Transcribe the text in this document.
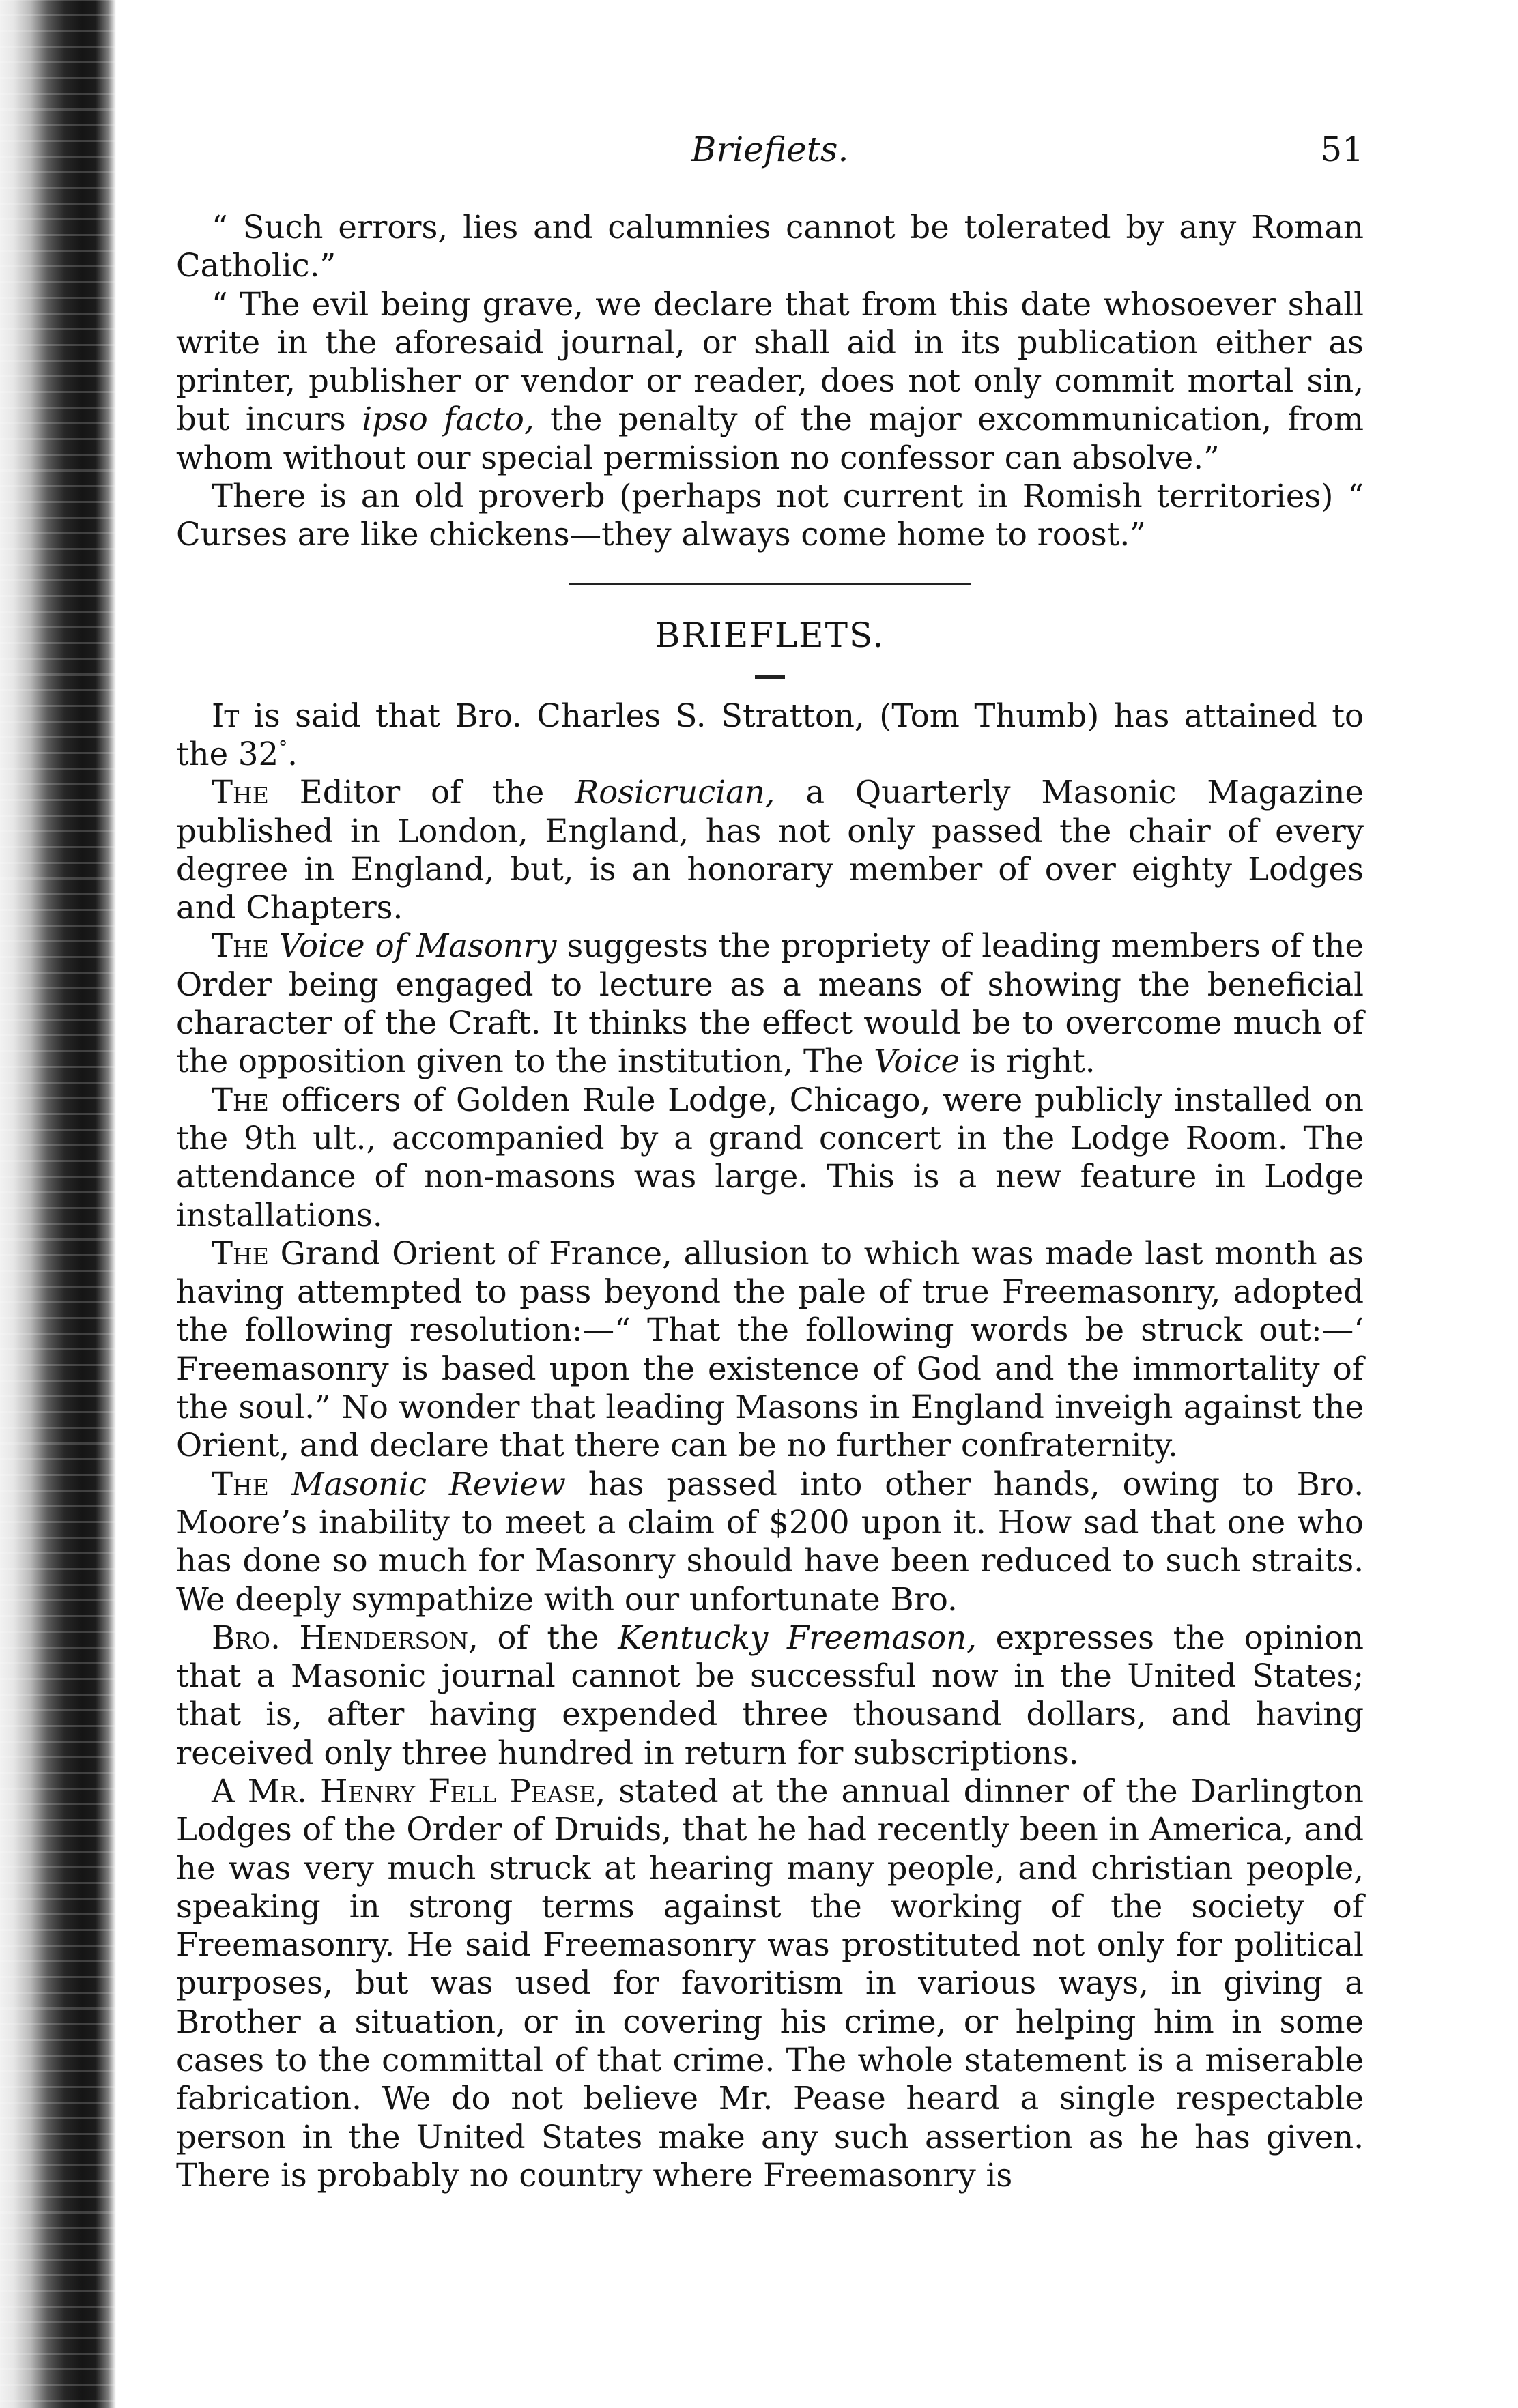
Briefiets.	51

“ Such errors, lies and calumnies cannot be tolerated by any Roman Catholic.”

“ The evil being grave, we declare that from this date whosoever shall write in the aforesaid journal, or shall aid in its publication either as printer, publisher or vendor or reader, does not only commit mortal sin, but incurs ipso facto, the penalty of the major excommunication, from whom without our special permission no confessor can absolve.”

There is an old proverb (perhaps not current in Romish territories) “ Curses are like chickens—they always come home to roost.”

BRIEFLETS.

It is said that Bro. Charles S. Stratton, (Tom Thumb) has attained to the 32°.

The Editor of the Rosicrucian, a Quarterly Masonic Magazine published in London, England, has not only passed the chair of every degree in England, but, is an honorary member of over eighty Lodges and Chapters.

The Voice of Masonry suggests the propriety of leading members of the Order being engaged to lecture as a means of showing the beneficial character of the Craft. It thinks the effect would be to overcome much of the opposition given to the institution, The Voice is right.

The officers of Golden Rule Lodge, Chicago, were publicly installed on the 9th ult., accompanied by a grand concert in the Lodge Room. The attendance of non-masons was large. This is a new feature in Lodge installations.

The Grand Orient of France, allusion to which was made last month as having attempted to pass beyond the pale of true Freemasonry, adopted the following resolution:—“ That the following words be struck out:—‘ Freemasonry is based upon the existence of God and the immortality of the soul.” No wonder that leading Masons in England inveigh against the Orient, and declare that there can be no further confraternity.

The Masonic Review has passed into other hands, owing to Bro. Moore’s inability to meet a claim of $200 upon it. How sad that one who has done so much for Masonry should have been reduced to such straits. We deeply sympathize with our unfortunate Bro.

Bro. Henderson, of the Kentucky Freemason, expresses the opinion that a Masonic journal cannot be successful now in the United States; that is, after having expended three thousand dollars, and having received only three hundred in return for subscriptions.

A Mr. Henry Fell Pease, stated at the annual dinner of the Darlington Lodges of the Order of Druids, that he had recently been in America, and he was very much struck at hearing many people, and christian people, speaking in strong terms against the working of the society of Freemasonry. He said Freemasonry was prostituted not only for political purposes, but was used for favoritism in various ways, in giving a Brother a situation, or in covering his crime, or helping him in some cases to the committal of that crime. The whole statement is a miserable fabrication. We do not believe Mr. Pease heard a single respectable person in the United States make any such assertion as he has given. There is probably no country where Freemasonry is
